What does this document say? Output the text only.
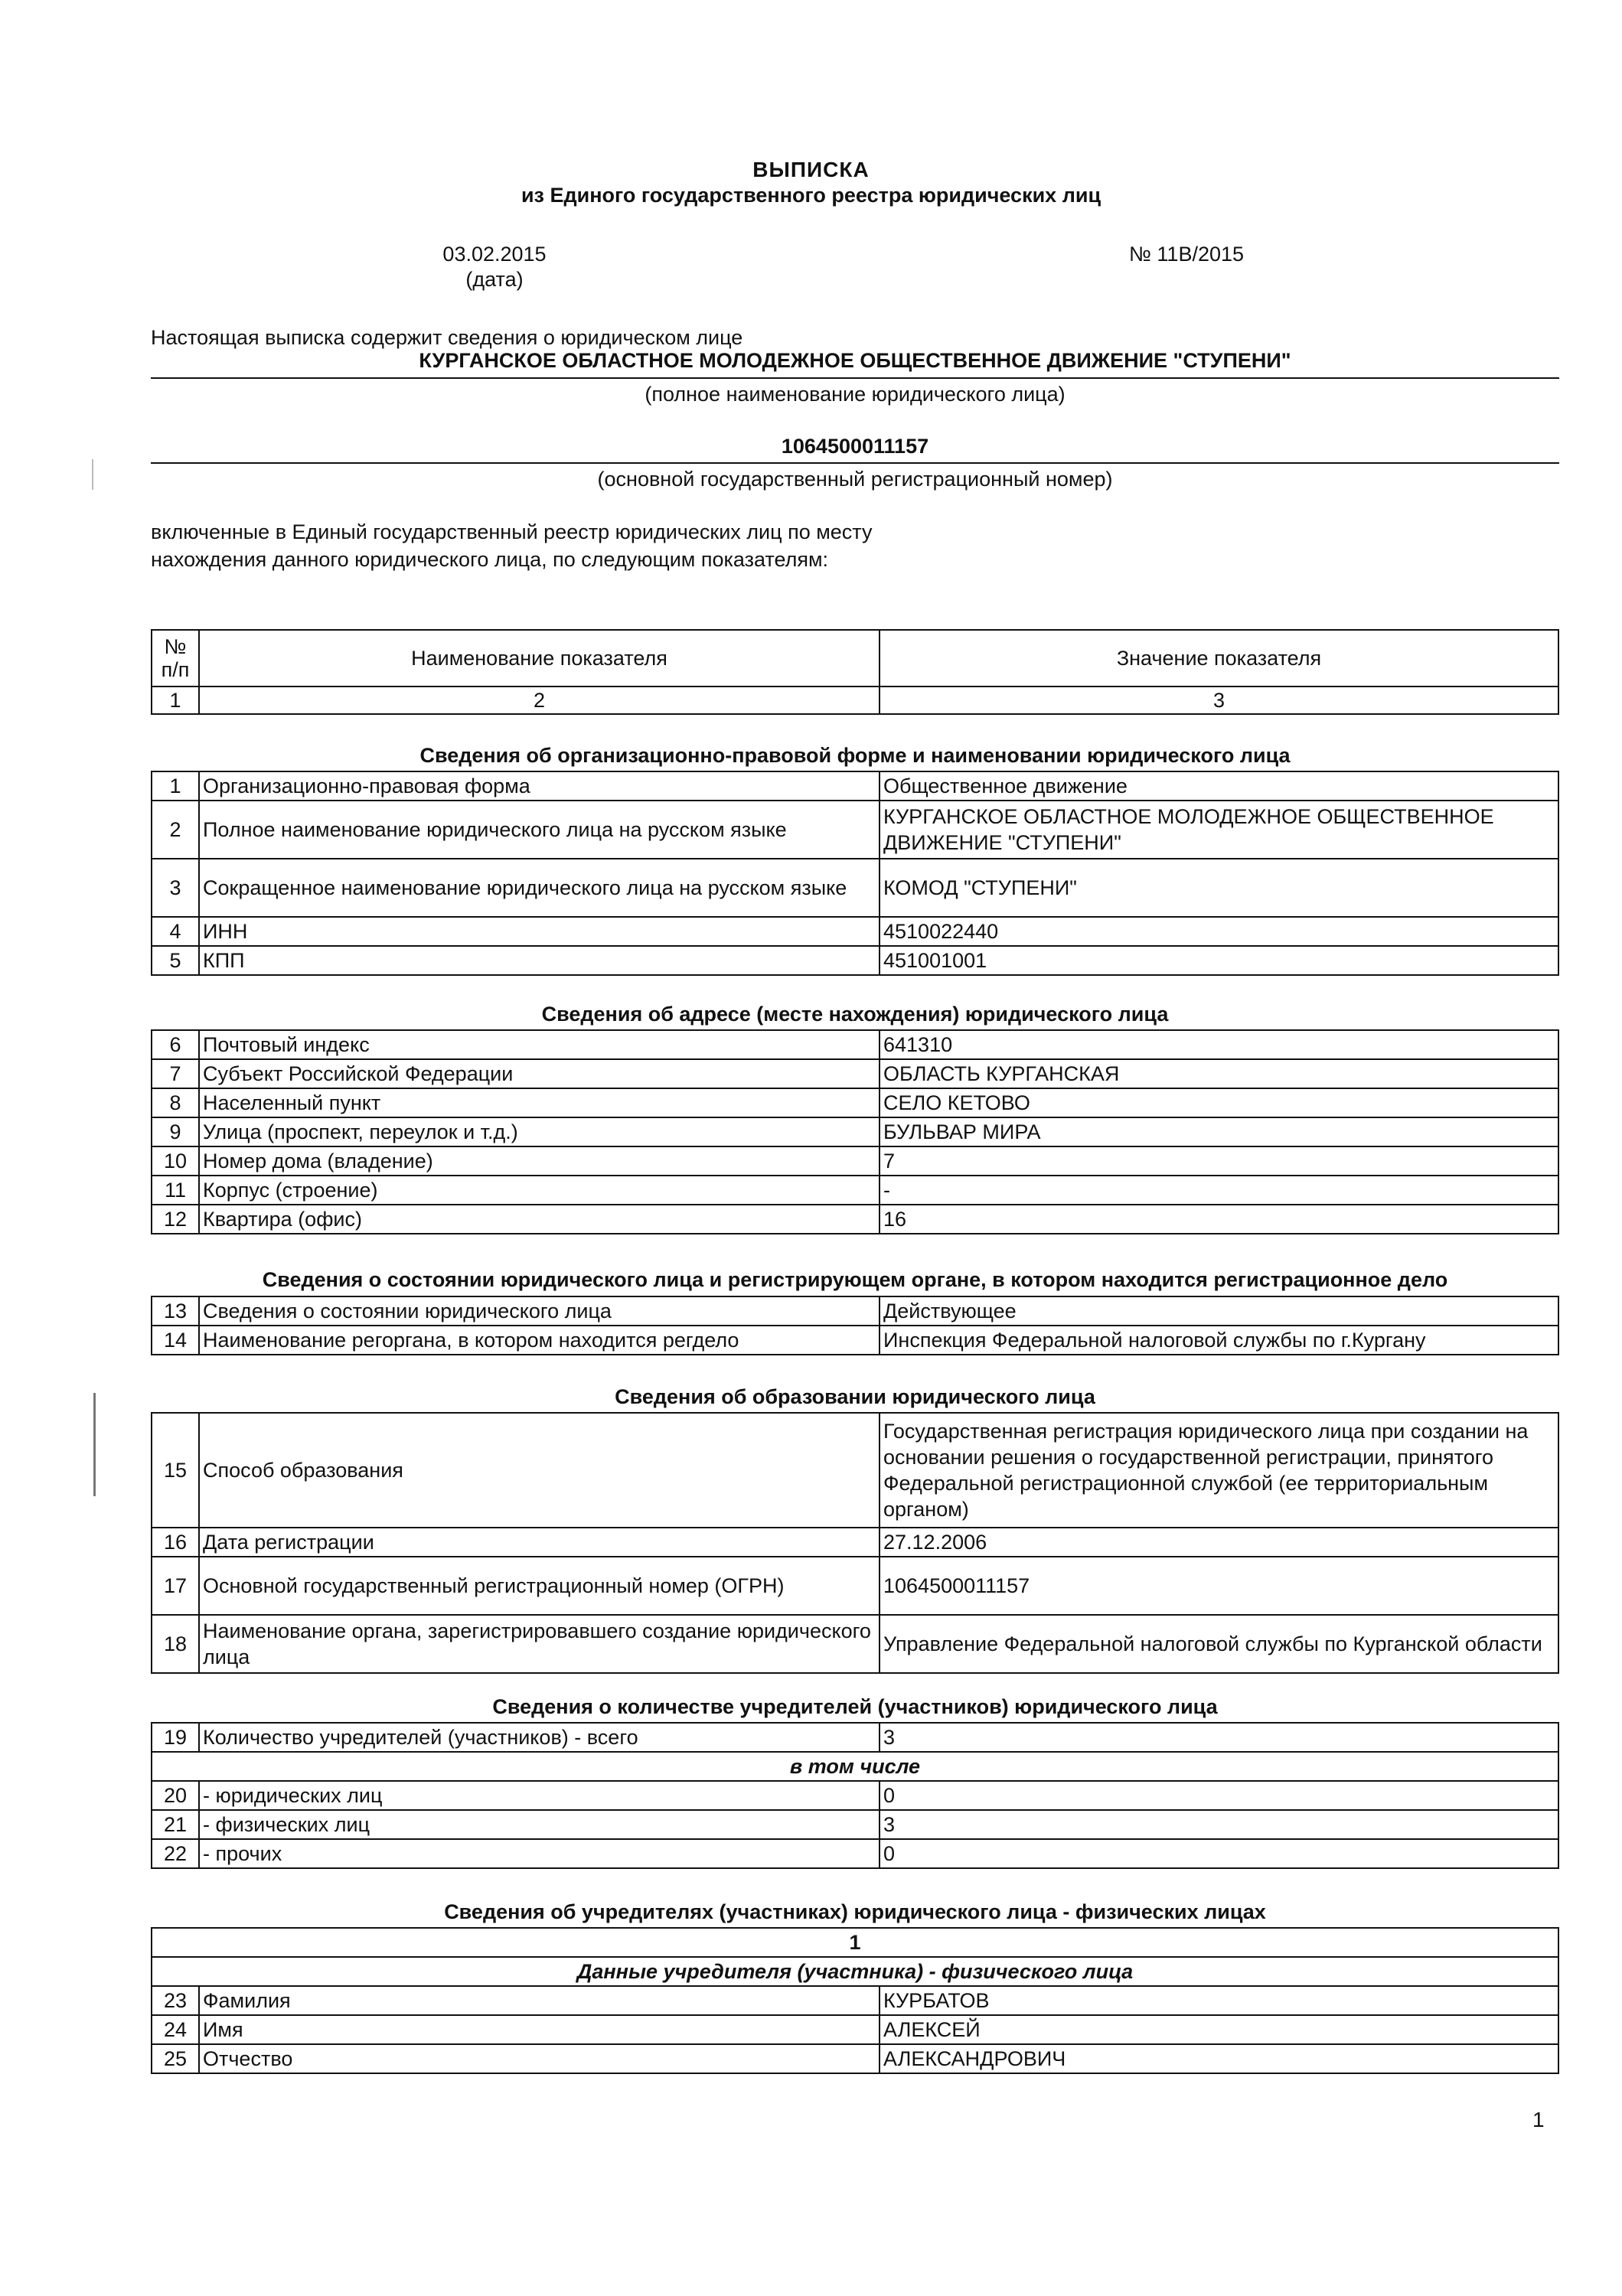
ВЫПИСКА
из Единого государственного реестра юридических лиц
03.02.2015
(дата)
№ 11В/2015
Настоящая выписка содержит сведения о юридическом лице
КУРГАНСКОЕ ОБЛАСТНОЕ МОЛОДЕЖНОЕ ОБЩЕСТВЕННОЕ ДВИЖЕНИЕ "СТУПЕНИ"
(полное наименование юридического лица)
1064500011157
(основной государственный регистрационный номер)
включенные в Единый государственный реестр юридических лиц по месту
нахождения данного юридического лица, по следующим показателям:
№ п/п	Наименование показателя	Значение показателя
1	2	3
Сведения об организационно-правовой форме и наименовании юридического лица
1	Организационно-правовая форма	Общественное движение
2	Полное наименование юридического лица на русском языке	КУРГАНСКОЕ ОБЛАСТНОЕ МОЛОДЕЖНОЕ ОБЩЕСТВЕННОЕ ДВИЖЕНИЕ "СТУПЕНИ"
3	Сокращенное наименование юридического лица на русском языке	КОМОД "СТУПЕНИ"
4	ИНН	4510022440
5	КПП	451001001
Сведения об адресе (месте нахождения) юридического лица
6	Почтовый индекс	641310
7	Субъект Российской Федерации	ОБЛАСТЬ КУРГАНСКАЯ
8	Населенный пункт	СЕЛО КЕТОВО
9	Улица (проспект, переулок и т.д.)	БУЛЬВАР МИРА
10	Номер дома (владение)	7
11	Корпус (строение)	-
12	Квартира (офис)	16
Сведения о состоянии юридического лица и регистрирующем органе, в котором находится регистрационное дело
13	Сведения о состоянии юридического лица	Действующее
14	Наименование регоргана, в котором находится регдело	Инспекция Федеральной налоговой службы по г.Кургану
Сведения об образовании юридического лица
15	Способ образования	Государственная регистрация юридического лица при создании на основании решения о государственной регистрации, принятого Федеральной регистрационной службой (ее территориальным органом)
16	Дата регистрации	27.12.2006
17	Основной государственный регистрационный номер (ОГРН)	1064500011157
18	Наименование органа, зарегистрировавшего создание юридического лица	Управление Федеральной налоговой службы по Курганской области
Сведения о количестве учредителей (участников) юридического лица
19	Количество учредителей (участников) - всего	3
в том числе		
20	- юридических лиц	0
21	- физических лиц	3
22	- прочих	0
Сведения об учредителях (участниках) юридического лица - физических лицах
1		
Данные учредителя (участника) - физического лица		
23	Фамилия	КУРБАТОВ
24	Имя	АЛЕКСЕЙ
25	Отчество	АЛЕКСАНДРОВИЧ
1
